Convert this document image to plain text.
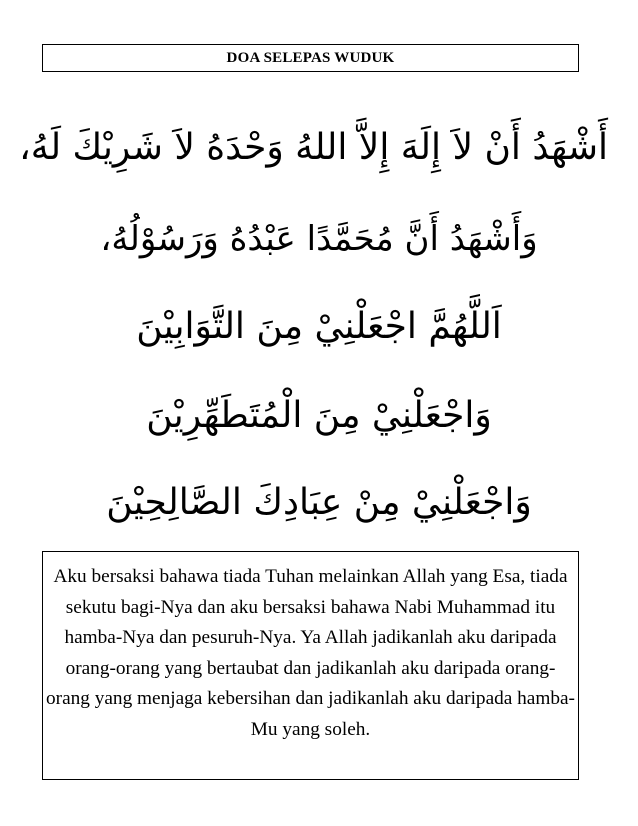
DOA SELEPAS WUDUK
أَشْهَدُ أَنْ لاَ إِلَهَ إِلاَّ اللهُ وَحْدَهُ لاَ شَرِيْكَ لَهُ،
وَأَشْهَدُ أَنَّ مُحَمَّدًا عَبْدُهُ وَرَسُوْلُهُ،
اَللَّهُمَّ اجْعَلْنِيْ مِنَ التَّوَابِيْنَ
وَاجْعَلْنِيْ مِنَ الْمُتَطَهِّرِيْنَ
وَاجْعَلْنِيْ مِنْ عِبَادِكَ الصَّالِحِيْنَ

Aku bersaksi bahawa tiada Tuhan melainkan Allah yang Esa, tiada sekutu bagi-Nya dan aku bersaksi bahawa Nabi Muhammad itu hamba-Nya dan pesuruh-Nya. Ya Allah jadikanlah aku daripada orang-orang yang bertaubat dan jadikanlah aku daripada orang-orang yang menjaga kebersihan dan jadikanlah aku daripada hamba-Mu yang soleh.
